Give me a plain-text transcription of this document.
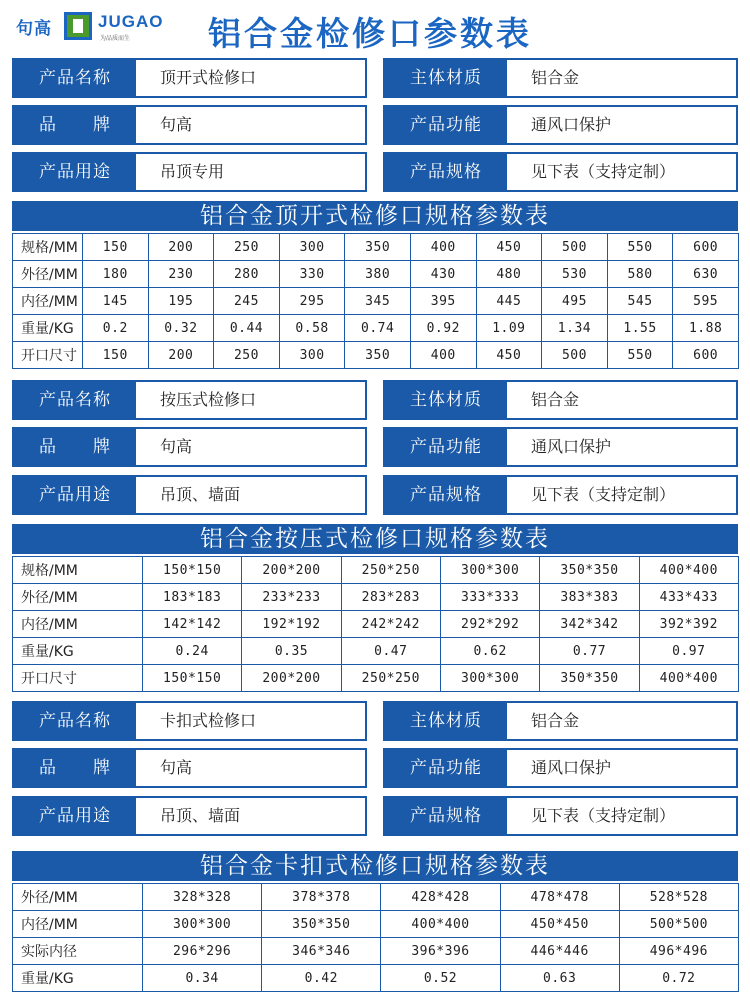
句高	JUGAO
为品质而生 铝合金检修口参数表
产品名称	顶开式检修口	主体材质	铝合金
品　　牌	句高	产品功能	通风口保护
产品用途	吊顶专用	产品规格	见下表（支持定制）
铝合金顶开式检修口规格参数表
规格/MM	150	200	250	300	350	400	450	500	550	600
外径/MM	180	230	280	330	380	430	480	530	580	630
内径/MM	145	195	245	295	345	395	445	495	545	595
重量/KG	0.2	0.32	0.44	0.58	0.74	0.92	1.09	1.34	1.55	1.88
开口尺寸	150	200	250	300	350	400	450	500	550	600
产品名称	按压式检修口	主体材质	铝合金
品　　牌	句高	产品功能	通风口保护
产品用途	吊顶、墙面	产品规格	见下表（支持定制）
铝合金按压式检修口规格参数表
规格/MM	150*150	200*200	250*250	300*300	350*350	400*400
外径/MM	183*183	233*233	283*283	333*333	383*383	433*433
内径/MM	142*142	192*192	242*242	292*292	342*342	392*392
重量/KG	0.24	0.35	0.47	0.62	0.77	0.97
开口尺寸	150*150	200*200	250*250	300*300	350*350	400*400
产品名称	卡扣式检修口	主体材质	铝合金
品　　牌	句高	产品功能	通风口保护
产品用途	吊顶、墙面	产品规格	见下表（支持定制）
铝合金卡扣式检修口规格参数表
外径/MM	328*328	378*378	428*428	478*478	528*528
内径/MM	300*300	350*350	400*400	450*450	500*500
实际内径	296*296	346*346	396*396	446*446	496*496
重量/KG	0.34	0.42	0.52	0.63	0.72
